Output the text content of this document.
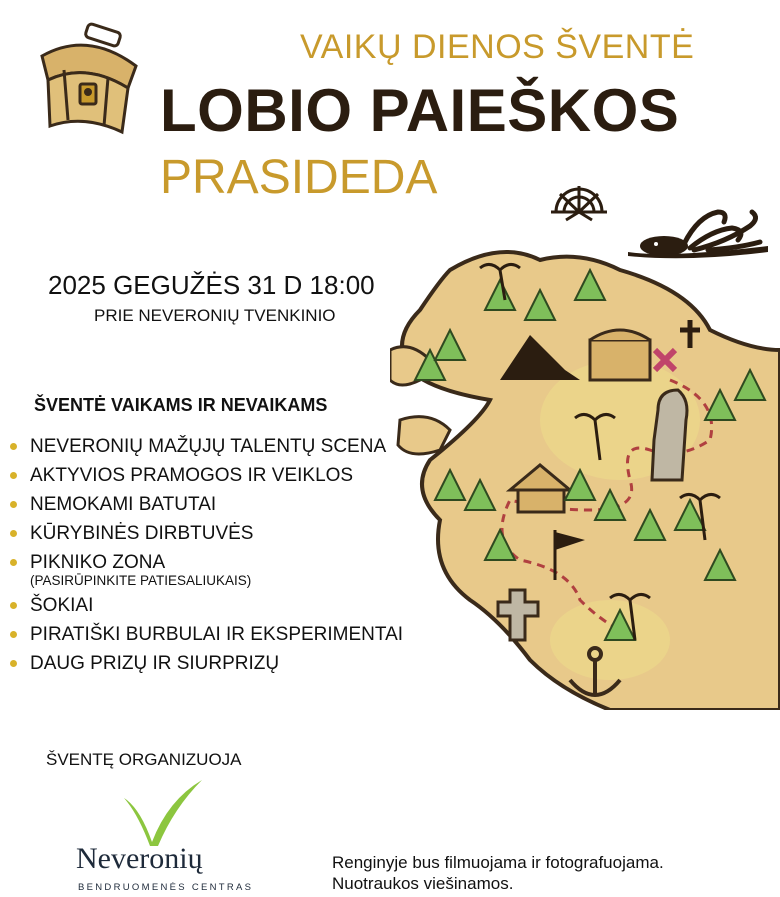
VAIKŲ DIENOS ŠVENTĖ
LOBIO PAIEŠKOS
PRASIDEDA
2025 GEGUŽĖS 31 D 18:00
PRIE NEVERONIŲ TVENKINIO
ŠVENTĖ VAIKAMS IR NEVAIKAMS
NEVERONIŲ MAŽŲJŲ TALENTŲ SCENA
AKTYVIOS PRAMOGOS IR VEIKLOS
NEMOKAMI BATUTAI
KŪRYBINĖS DIRBTUVĖS
PIKNIKO ZONA
(PASIRŪPINKITE PATIESALIUKAIS)
ŠOKIAI
PIRATIŠKI BURBULAI IR EKSPERIMENTAI
DAUG PRIZŲ IR SIURPRIZŲ
ŠVENTĘ ORGANIZUOJA
Neveronių
BENDRUOMENĖS CENTRAS
Renginyje bus filmuojama ir fotografuojama.
Nuotraukos viešinamos.
